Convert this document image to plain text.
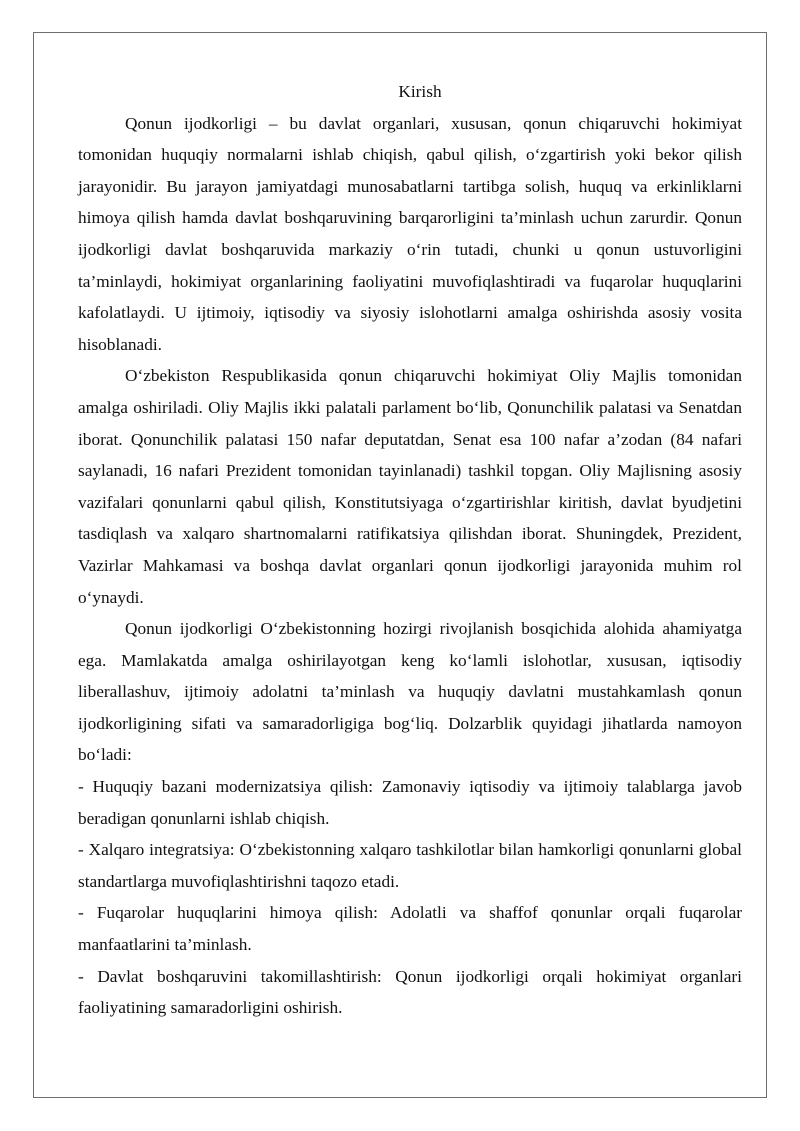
Kirish

Qonun ijodkorligi – bu davlat organlari, xususan, qonun chiqaruvchi hokimiyat tomonidan huquqiy normalarni ishlab chiqish, qabul qilish, o‘zgartirish yoki bekor qilish jarayonidir. Bu jarayon jamiyatdagi munosabatlarni tartibga solish, huquq va erkinliklarni himoya qilish hamda davlat boshqaruvining barqarorligini ta’minlash uchun zarurdir. Qonun ijodkorligi davlat boshqaruvida markaziy o‘rin tutadi, chunki u qonun ustuvorligini ta’minlaydi, hokimiyat organlarining faoliyatini muvofiqlashtiradi va fuqarolar huquqlarini kafolatlaydi. U ijtimoiy, iqtisodiy va siyosiy islohotlarni amalga oshirishda asosiy vosita hisoblanadi.

O‘zbekiston Respublikasida qonun chiqaruvchi hokimiyat Oliy Majlis tomonidan amalga oshiriladi. Oliy Majlis ikki palatali parlament bo‘lib, Qonunchilik palatasi va Senatdan iborat. Qonunchilik palatasi 150 nafar deputatdan, Senat esa 100 nafar a’zodan (84 nafari saylanadi, 16 nafari Prezident tomonidan tayinlanadi) tashkil topgan. Oliy Majlisning asosiy vazifalari qonunlarni qabul qilish, Konstitutsiyaga o‘zgartirishlar kiritish, davlat byudjetini tasdiqlash va xalqaro shartnomalarni ratifikatsiya qilishdan iborat. Shuningdek, Prezident, Vazirlar Mahkamasi va boshqa davlat organlari qonun ijodkorligi jarayonida muhim rol o‘ynaydi.

Qonun ijodkorligi O‘zbekistonning hozirgi rivojlanish bosqichida alohida ahamiyatga ega. Mamlakatda amalga oshirilayotgan keng ko‘lamli islohotlar, xususan, iqtisodiy liberallashuv, ijtimoiy adolatni ta’minlash va huquqiy davlatni mustahkamlash qonun ijodkorligining sifati va samaradorligiga bog‘liq. Dolzarblik quyidagi jihatlarda namoyon bo‘ladi:

- Huquqiy bazani modernizatsiya qilish: Zamonaviy iqtisodiy va ijtimoiy talablarga javob beradigan qonunlarni ishlab chiqish.

- Xalqaro integratsiya: O‘zbekistonning xalqaro tashkilotlar bilan hamkorligi qonunlarni global standartlarga muvofiqlashtirishni taqozo etadi.

- Fuqarolar huquqlarini himoya qilish: Adolatli va shaffof qonunlar orqali fuqarolar manfaatlarini ta’minlash.

- Davlat boshqaruvini takomillashtirish: Qonun ijodkorligi orqali hokimiyat organlari faoliyatining samaradorligini oshirish.
